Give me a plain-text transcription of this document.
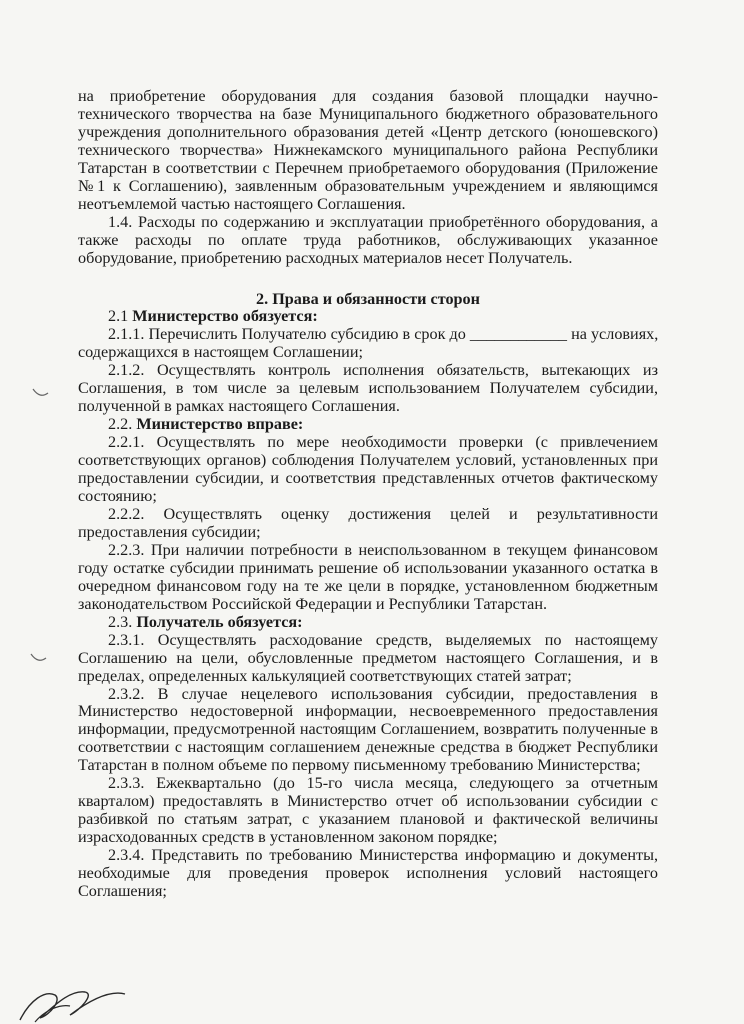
на приобретение оборудования для создания базовой площадки научно-
технического творчества на базе Муниципального бюджетного образовательного
учреждения дополнительного образования детей «Центр детского (юношевского)
технического творчества» Нижнекамского муниципального района Республики
Татарстан в соответствии с Перечнем приобретаемого оборудования (Приложение
№1 к Соглашению), заявленным образовательным учреждением и являющимся
неотъемлемой частью настоящего Соглашения.
1.4. Расходы по содержанию и эксплуатации приобретённого оборудования, а
также расходы по оплате труда работников, обслуживающих указанное
оборудование, приобретению расходных материалов несет Получатель.
2. Права и обязанности сторон
2.1 Министерство обязуется:
2.1.1. Перечислить Получателю субсидию в срок до ____________ на условиях,
содержащихся в настоящем Соглашении;
2.1.2. Осуществлять контроль исполнения обязательств, вытекающих из
Соглашения, в том числе за целевым использованием Получателем субсидии,
полученной в рамках настоящего Соглашения.
2.2. Министерство вправе:
2.2.1. Осуществлять по мере необходимости проверки (с привлечением
соответствующих органов) соблюдения Получателем условий, установленных при
предоставлении субсидии, и соответствия представленных отчетов фактическому
состоянию;
2.2.2. Осуществлять оценку достижения целей и результативности
предоставления субсидии;
2.2.3. При наличии потребности в неиспользованном в текущем финансовом
году остатке субсидии принимать решение об использовании указанного остатка в
очередном финансовом году на те же цели в порядке, установленном бюджетным
законодательством Российской Федерации и Республики Татарстан.
2.3. Получатель обязуется:
2.3.1. Осуществлять расходование средств, выделяемых по настоящему
Соглашению на цели, обусловленные предметом настоящего Соглашения, и в
пределах, определенных калькуляцией соответствующих статей затрат;
2.3.2. В случае нецелевого использования субсидии, предоставления в
Министерство недостоверной информации, несвоевременного предоставления
информации, предусмотренной настоящим Соглашением, возвратить полученные в
соответствии с настоящим соглашением денежные средства в бюджет Республики
Татарстан в полном объеме по первому письменному требованию Министерства;
2.3.3. Ежеквартально (до 15-го числа месяца, следующего за отчетным
кварталом) предоставлять в Министерство отчет об использовании субсидии с
разбивкой по статьям затрат, с указанием плановой и фактической величины
израсходованных средств в установленном законом порядке;
2.3.4. Представить по требованию Министерства информацию и документы,
необходимые для проведения проверок исполнения условий настоящего
Соглашения;
